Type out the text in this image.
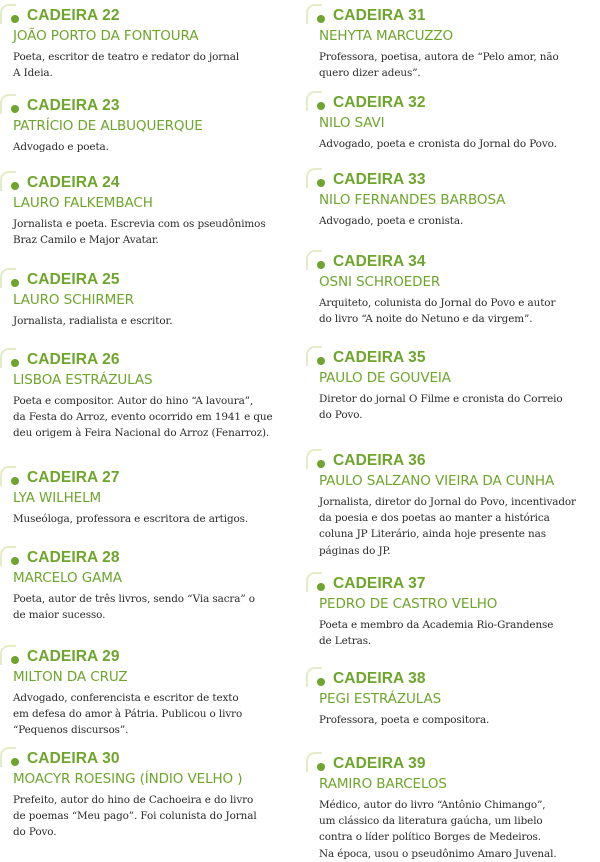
CADEIRA 22
JOÃO PORTO DA FONTOURA
Poeta, escritor de teatro e redator do jornal
A Ideia.
CADEIRA 23
PATRÍCIO DE ALBUQUERQUE
Advogado e poeta.
CADEIRA 24
LAURO FALKEMBACH
Jornalista e poeta. Escrevia com os pseudônimos
Braz Camilo e Major Avatar.
CADEIRA 25
LAURO SCHIRMER
Jornalista, radialista e escritor.
CADEIRA 26
LISBOA ESTRÁZULAS
Poeta e compositor. Autor do hino “A lavoura”,
da Festa do Arroz, evento ocorrido em 1941 e que
deu origem à Feira Nacional do Arroz (Fenarroz).
CADEIRA 27
LYA WILHELM
Museóloga, professora e escritora de artigos.
CADEIRA 28
MARCELO GAMA
Poeta, autor de três livros, sendo “Via sacra” o
de maior sucesso.
CADEIRA 29
MILTON DA CRUZ
Advogado, conferencista e escritor de texto
em defesa do amor à Pátria. Publicou o livro
“Pequenos discursos”.
CADEIRA 30
MOACYR ROESING (ÍNDIO VELHO )
Prefeito, autor do hino de Cachoeira e do livro
de poemas “Meu pago”. Foi colunista do Jornal
do Povo.
CADEIRA 31
NEHYTA MARCUZZO
Professora, poetisa, autora de “Pelo amor, não
quero dizer adeus”.
CADEIRA 32
NILO SAVI
Advogado, poeta e cronista do Jornal do Povo.
CADEIRA 33
NILO FERNANDES BARBOSA
Advogado, poeta e cronista.
CADEIRA 34
OSNI SCHROEDER
Arquiteto, colunista do Jornal do Povo e autor
do livro “A noite do Netuno e da virgem”.
CADEIRA 35
PAULO DE GOUVEIA
Diretor do jornal O Filme e cronista do Correio
do Povo.
CADEIRA 36
PAULO SALZANO VIEIRA DA CUNHA
Jornalista, diretor do Jornal do Povo, incentivador
da poesia e dos poetas ao manter a histórica
coluna JP Literário, ainda hoje presente nas
páginas do JP.
CADEIRA 37
PEDRO DE CASTRO VELHO
Poeta e membro da Academia Rio-Grandense
de Letras.
CADEIRA 38
PEGI ESTRÁZULAS
Professora, poeta e compositora.
CADEIRA 39
RAMIRO BARCELOS
Médico, autor do livro “Antônio Chimango”,
um clássico da literatura gaúcha, um libelo
contra o líder político Borges de Medeiros.
Na época, usou o pseudônimo Amaro Juvenal.
